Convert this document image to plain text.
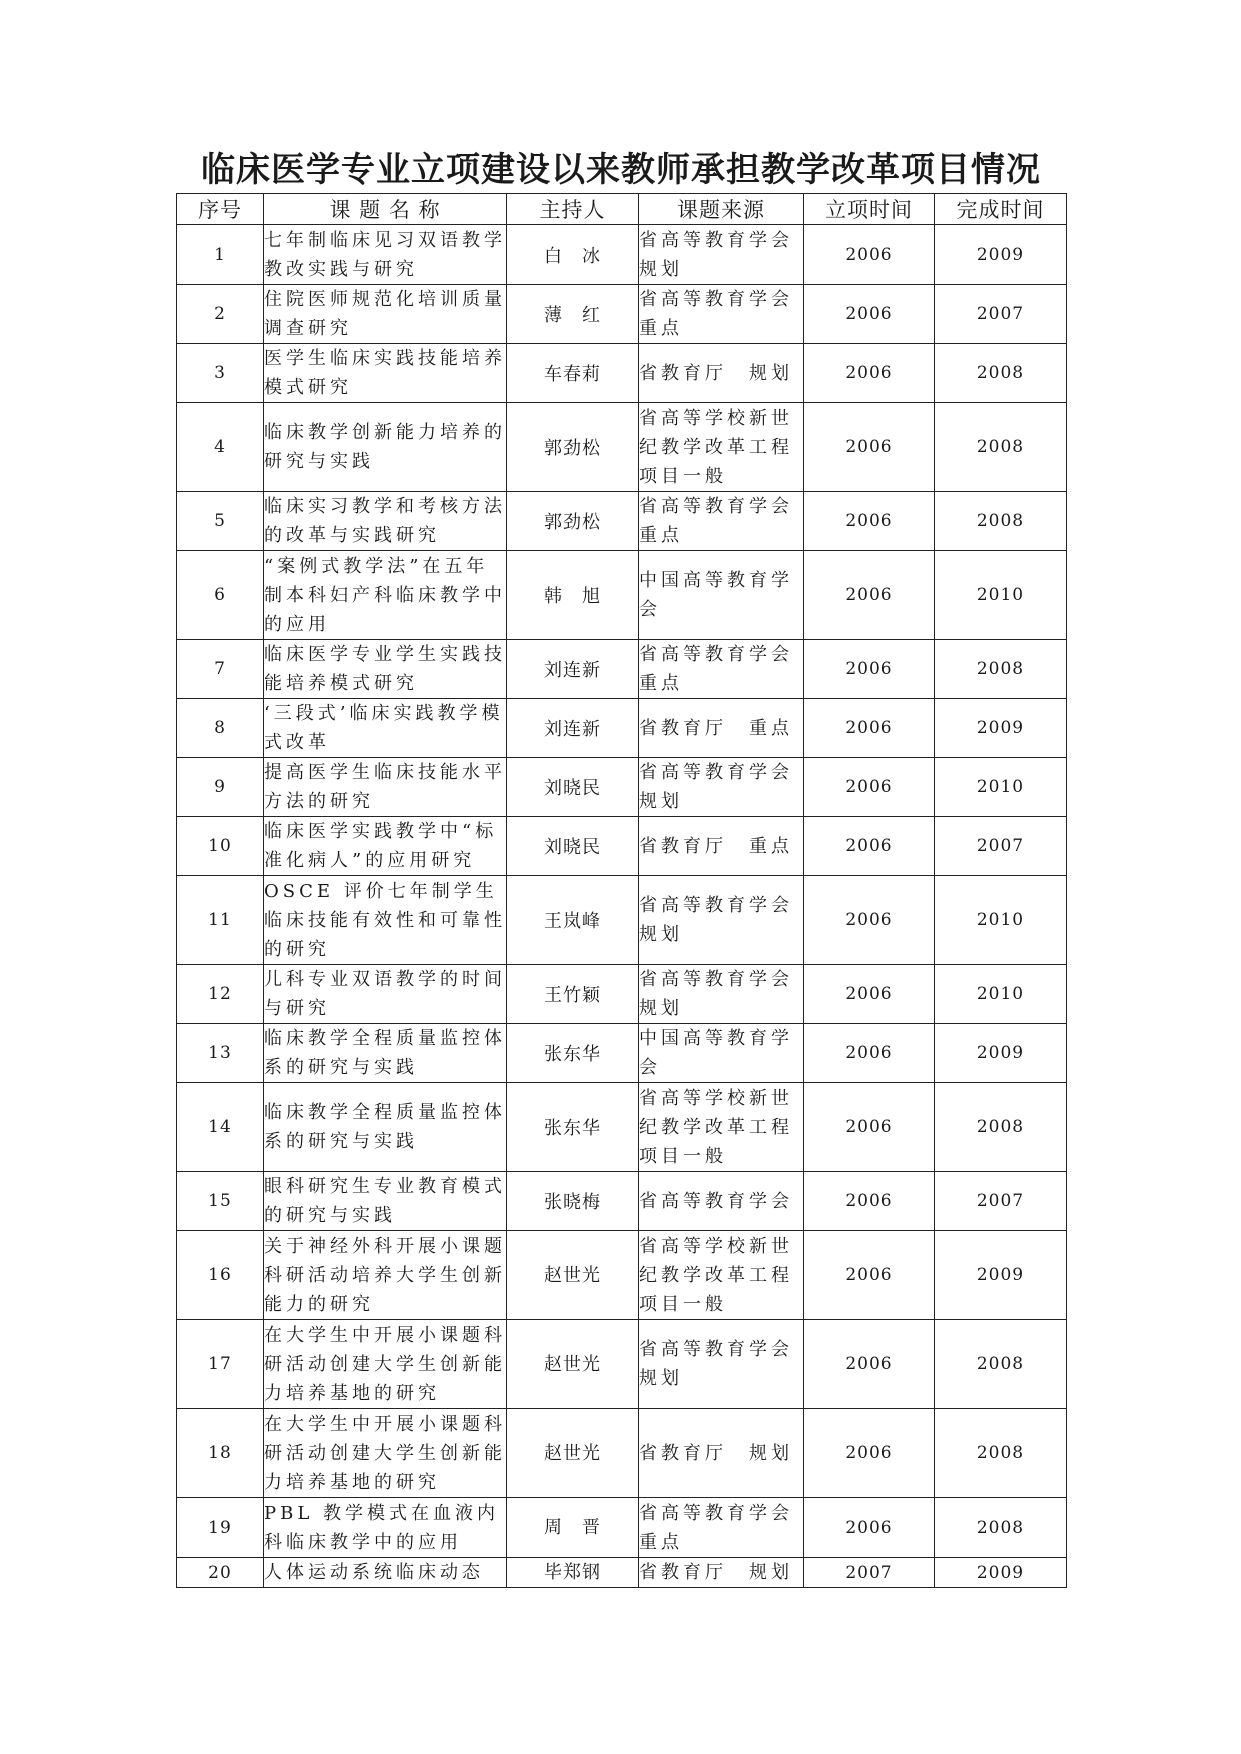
临床医学专业立项建设以来教师承担教学改革项目情况
序号	课 题 名 称	主持人	课题来源	立项时间	完成时间
1	七年制临床见习双语教学教改实践与研究	白　冰	省高等教育学会规划	2006	2009
2	住院医师规范化培训质量调查研究	薄　红	省高等教育学会重点	2006	2007
3	医学生临床实践技能培养模式研究	车春莉	省教育厅　规划	2006	2008
4	临床教学创新能力培养的研究与实践	郭劲松	省高等学校新世纪教学改革工程项目一般	2006	2008
5	临床实习教学和考核方法的改革与实践研究	郭劲松	省高等教育学会重点	2006	2008
6	“案例式教学法”在五年制本科妇产科临床教学中的应用	韩　旭	中国高等教育学会	2006	2010
7	临床医学专业学生实践技能培养模式研究	刘连新	省高等教育学会重点	2006	2008
8	‘三段式’临床实践教学模式改革	刘连新	省教育厅　重点	2006	2009
9	提高医学生临床技能水平方法的研究	刘晓民	省高等教育学会规划	2006	2010
10	临床医学实践教学中“标准化病人”的应用研究	刘晓民	省教育厅　重点	2006	2007
11	OSCE 评价七年制学生临床技能有效性和可靠性的研究	王岚峰	省高等教育学会规划	2006	2010
12	儿科专业双语教学的时间与研究	王竹颖	省高等教育学会规划	2006	2010
13	临床教学全程质量监控体系的研究与实践	张东华	中国高等教育学会	2006	2009
14	临床教学全程质量监控体系的研究与实践	张东华	省高等学校新世纪教学改革工程项目一般	2006	2008
15	眼科研究生专业教育模式的研究与实践	张晓梅	省高等教育学会	2006	2007
16	关于神经外科开展小课题科研活动培养大学生创新能力的研究	赵世光	省高等学校新世纪教学改革工程项目一般	2006	2009
17	在大学生中开展小课题科研活动创建大学生创新能力培养基地的研究	赵世光	省高等教育学会规划	2006	2008
18	在大学生中开展小课题科研活动创建大学生创新能力培养基地的研究	赵世光	省教育厅　规划	2006	2008
19	PBL 教学模式在血液内科临床教学中的应用	周　晋	省高等教育学会重点	2006	2008
20	人体运动系统临床动态	毕郑钢	省教育厅　规划	2007	2009
